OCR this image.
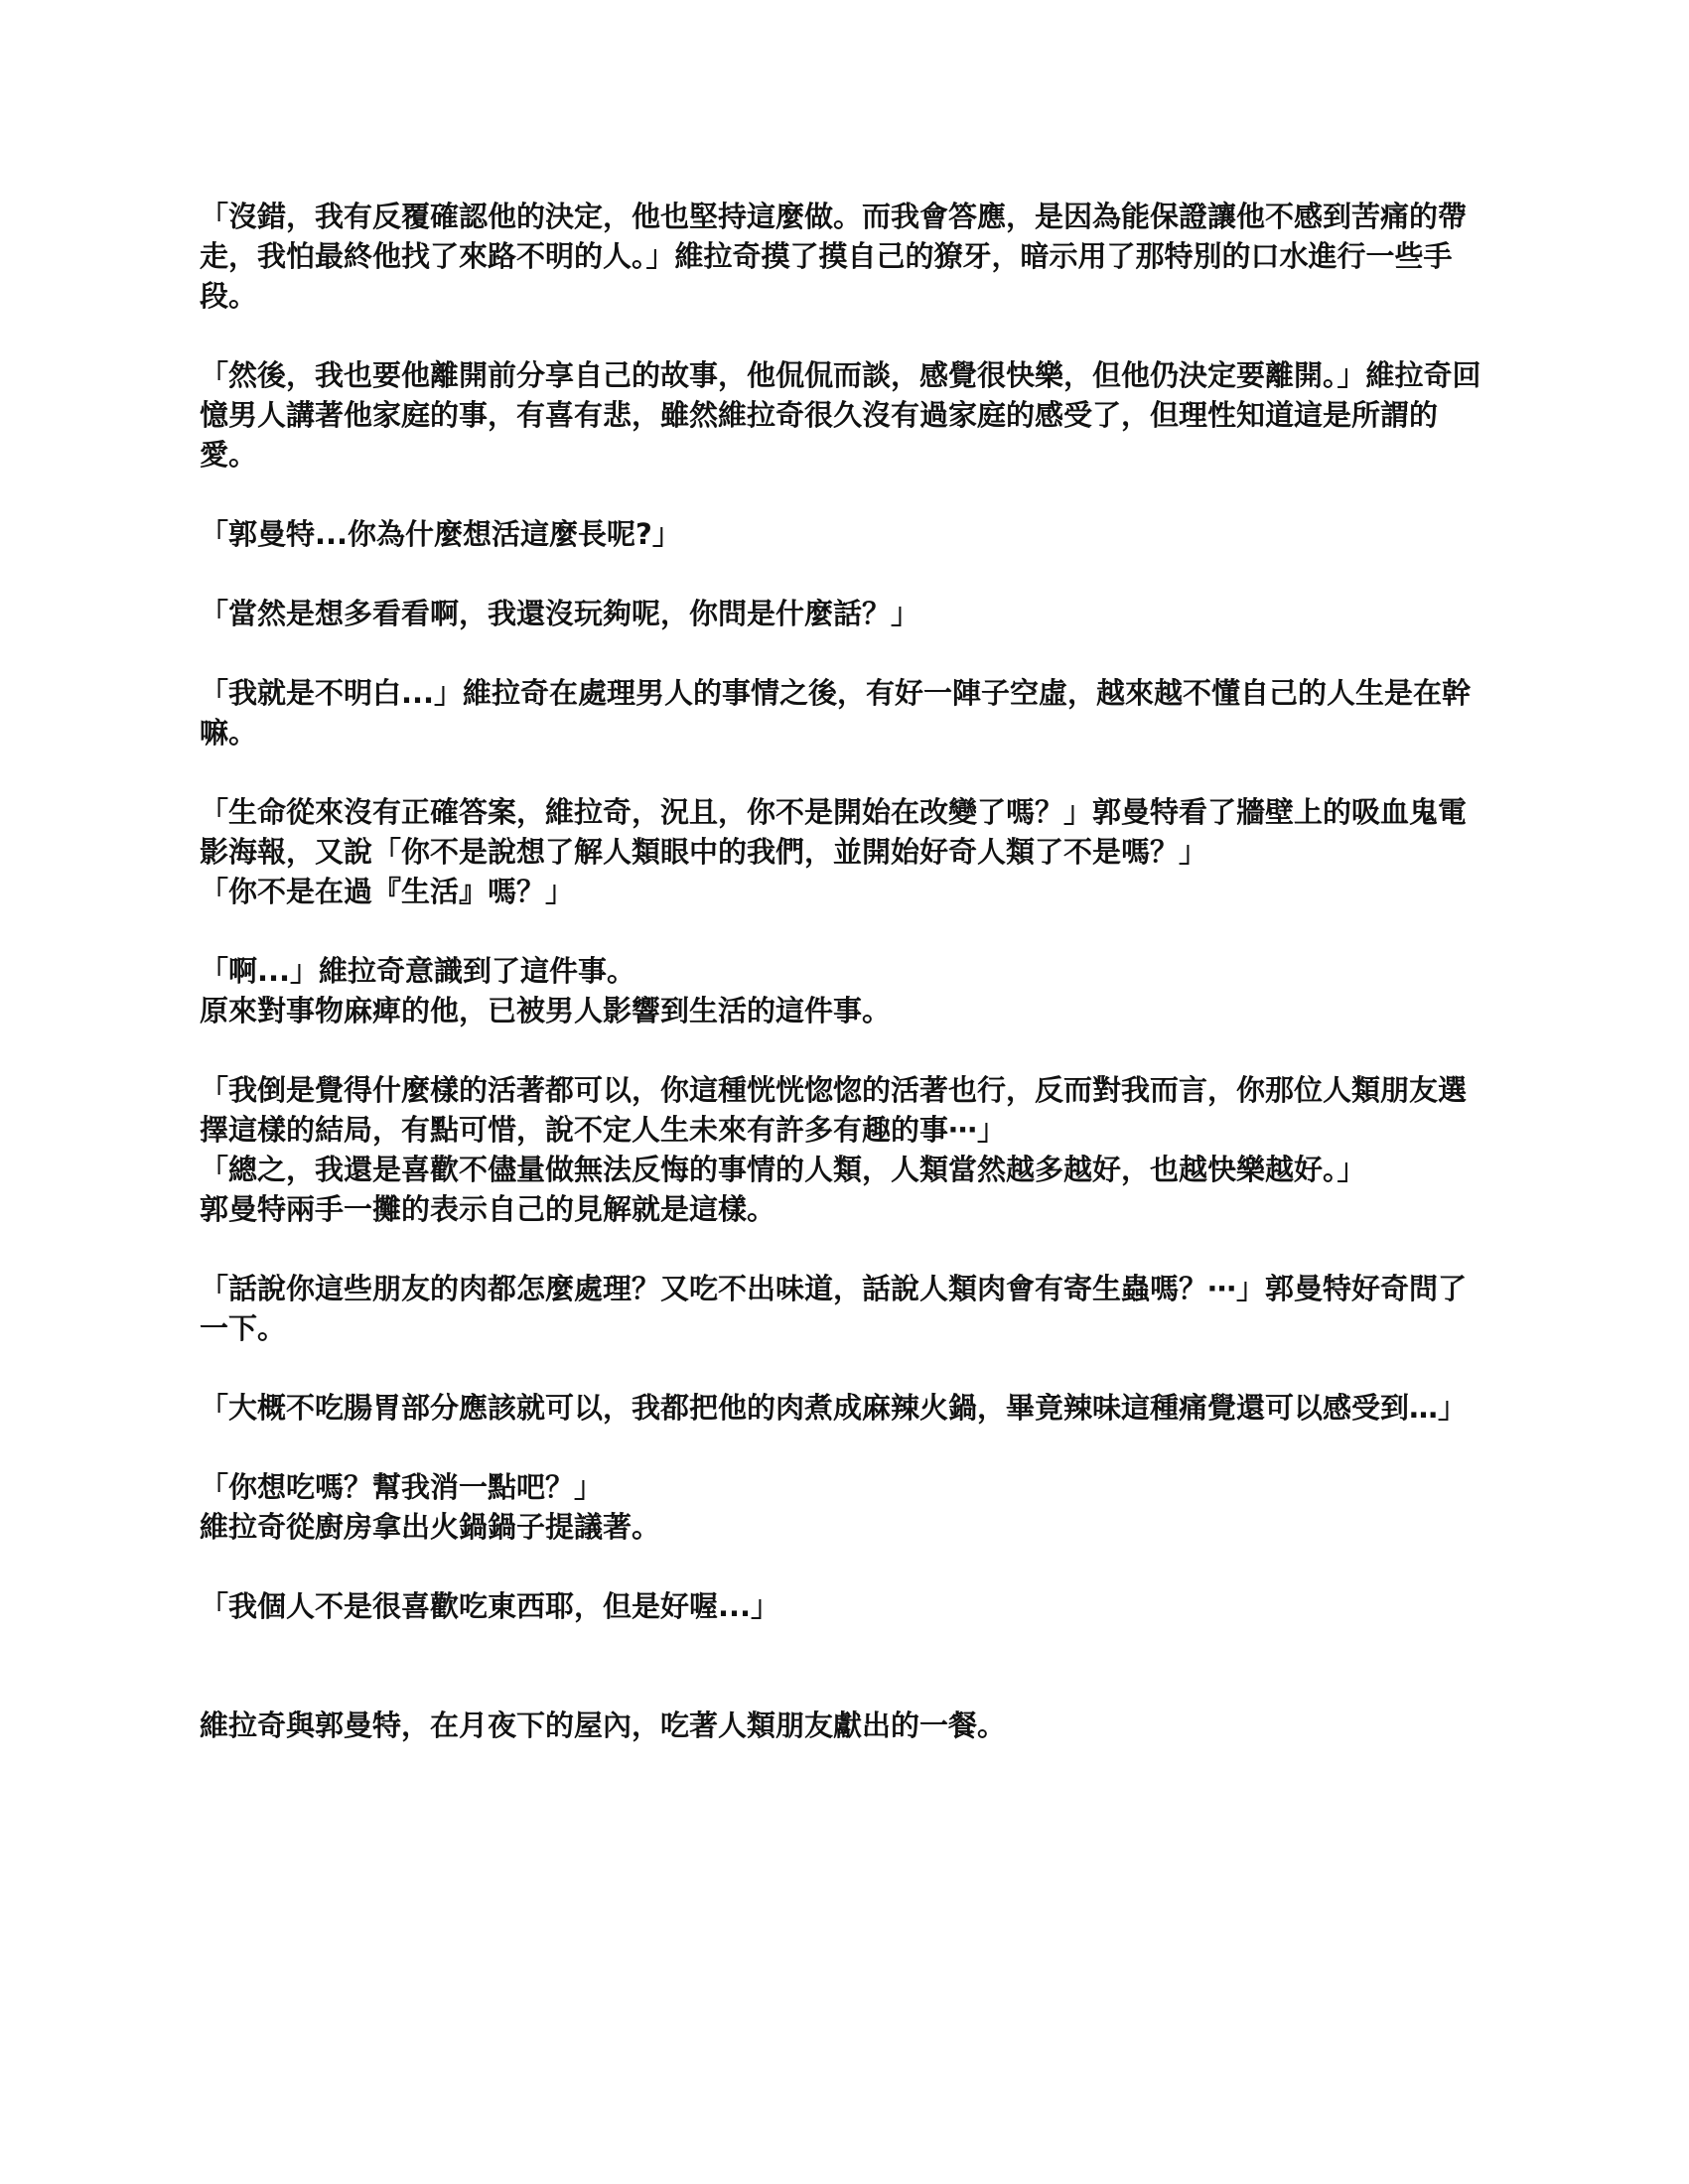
「沒錯，我有反覆確認他的決定，他也堅持這麼做。而我會答應，是因為能保證讓他不感到苦痛的帶走，我怕最終他找了來路不明的人。」維拉奇摸了摸自己的獠牙，暗示用了那特別的口水進行一些手段。

「然後，我也要他離開前分享自己的故事，他侃侃而談，感覺很快樂，但他仍決定要離開。」維拉奇回憶男人講著他家庭的事，有喜有悲，雖然維拉奇很久沒有過家庭的感受了，但理性知道這是所謂的愛。

「郭曼特...你為什麼想活這麼長呢?」

「當然是想多看看啊，我還沒玩夠呢，你問是什麼話？」

「我就是不明白...」維拉奇在處理男人的事情之後，有好一陣子空虛，越來越不懂自己的人生是在幹嘛。

「生命從來沒有正確答案，維拉奇，況且，你不是開始在改變了嗎？」郭曼特看了牆壁上的吸血鬼電影海報，又說「你不是說想了解人類眼中的我們，並開始好奇人類了不是嗎？」
「你不是在過『生活』嗎？」

「啊...」維拉奇意識到了這件事。
原來對事物麻痺的他，已被男人影響到生活的這件事。

「我倒是覺得什麼樣的活著都可以，你這種恍恍惚惚的活著也行，反而對我而言，你那位人類朋友選擇這樣的結局，有點可惜，說不定人生未來有許多有趣的事⋯」
「總之，我還是喜歡不儘量做無法反悔的事情的人類，人類當然越多越好，也越快樂越好。」
郭曼特兩手一攤的表示自己的見解就是這樣。

「話說你這些朋友的肉都怎麼處理？又吃不出味道，話說人類肉會有寄生蟲嗎？⋯」郭曼特好奇問了一下。

「大概不吃腸胃部分應該就可以，我都把他的肉煮成麻辣火鍋，畢竟辣味這種痛覺還可以感受到…」

「你想吃嗎？幫我消一點吧？」
維拉奇從廚房拿出火鍋鍋子提議著。

「我個人不是很喜歡吃東西耶，但是好喔...」

維拉奇與郭曼特，在月夜下的屋內，吃著人類朋友獻出的一餐。
